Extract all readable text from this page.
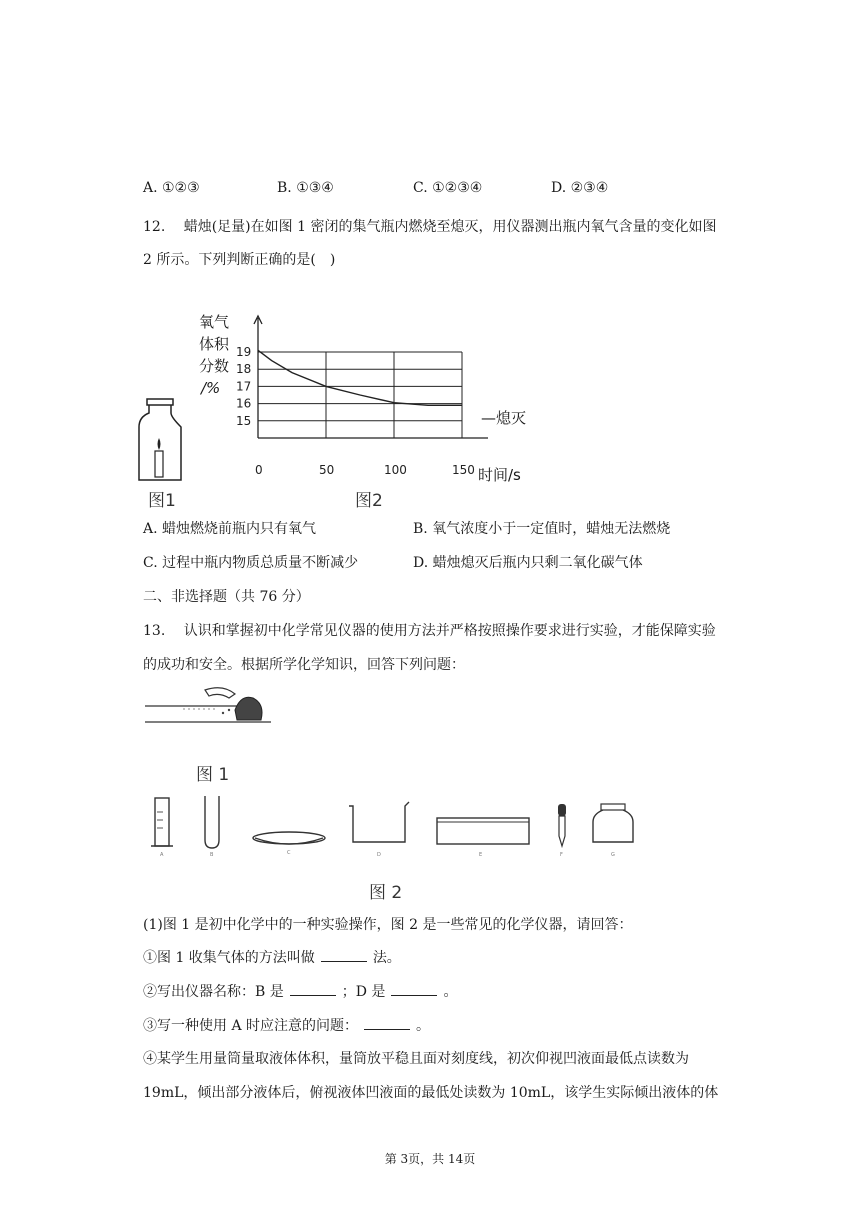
A. ①②③	B. ①③④	C. ①②③④	D. ②③④
12. 蜡烛(足量)在如图 1 密闭的集气瓶内燃烧至熄灭，用仪器测出瓶内氧气含量的变化如图
2 所示。下列判断正确的是(　)
图1
15
16
17
18
19
0	50	100	150
氧气
体积
分数
/%
时间/s
—熄灭
图2
A. 蜡烛燃烧前瓶内只有氧气	B. 氧气浓度小于一定值时，蜡烛无法燃烧
C. 过程中瓶内物质总质量不断减少	D. 蜡烛熄灭后瓶内只剩二氧化碳气体
二、非选择题（共 76 分）
13. 认识和掌握初中化学常见仪器的使用方法并严格按照操作要求进行实验，才能保障实验
的成功和安全。根据所学化学知识，回答下列问题：
图 1
A	B	C	D	E	F	G
图 2
(1)图 1 是初中化学中的一种实验操作，图 2 是一些常见的化学仪器，请回答：
①图 1 收集气体的方法叫做	法。
②写出仪器名称：B 是	；D 是	。
③写一种使用 A 时应注意的问题：	。
④某学生用量筒量取液体体积，量筒放平稳且面对刻度线，初次仰视凹液面最低点读数为
19mL，倾出部分液体后，俯视液体凹液面的最低处读数为 10mL，该学生实际倾出液体的体
第 3页，共 14页
